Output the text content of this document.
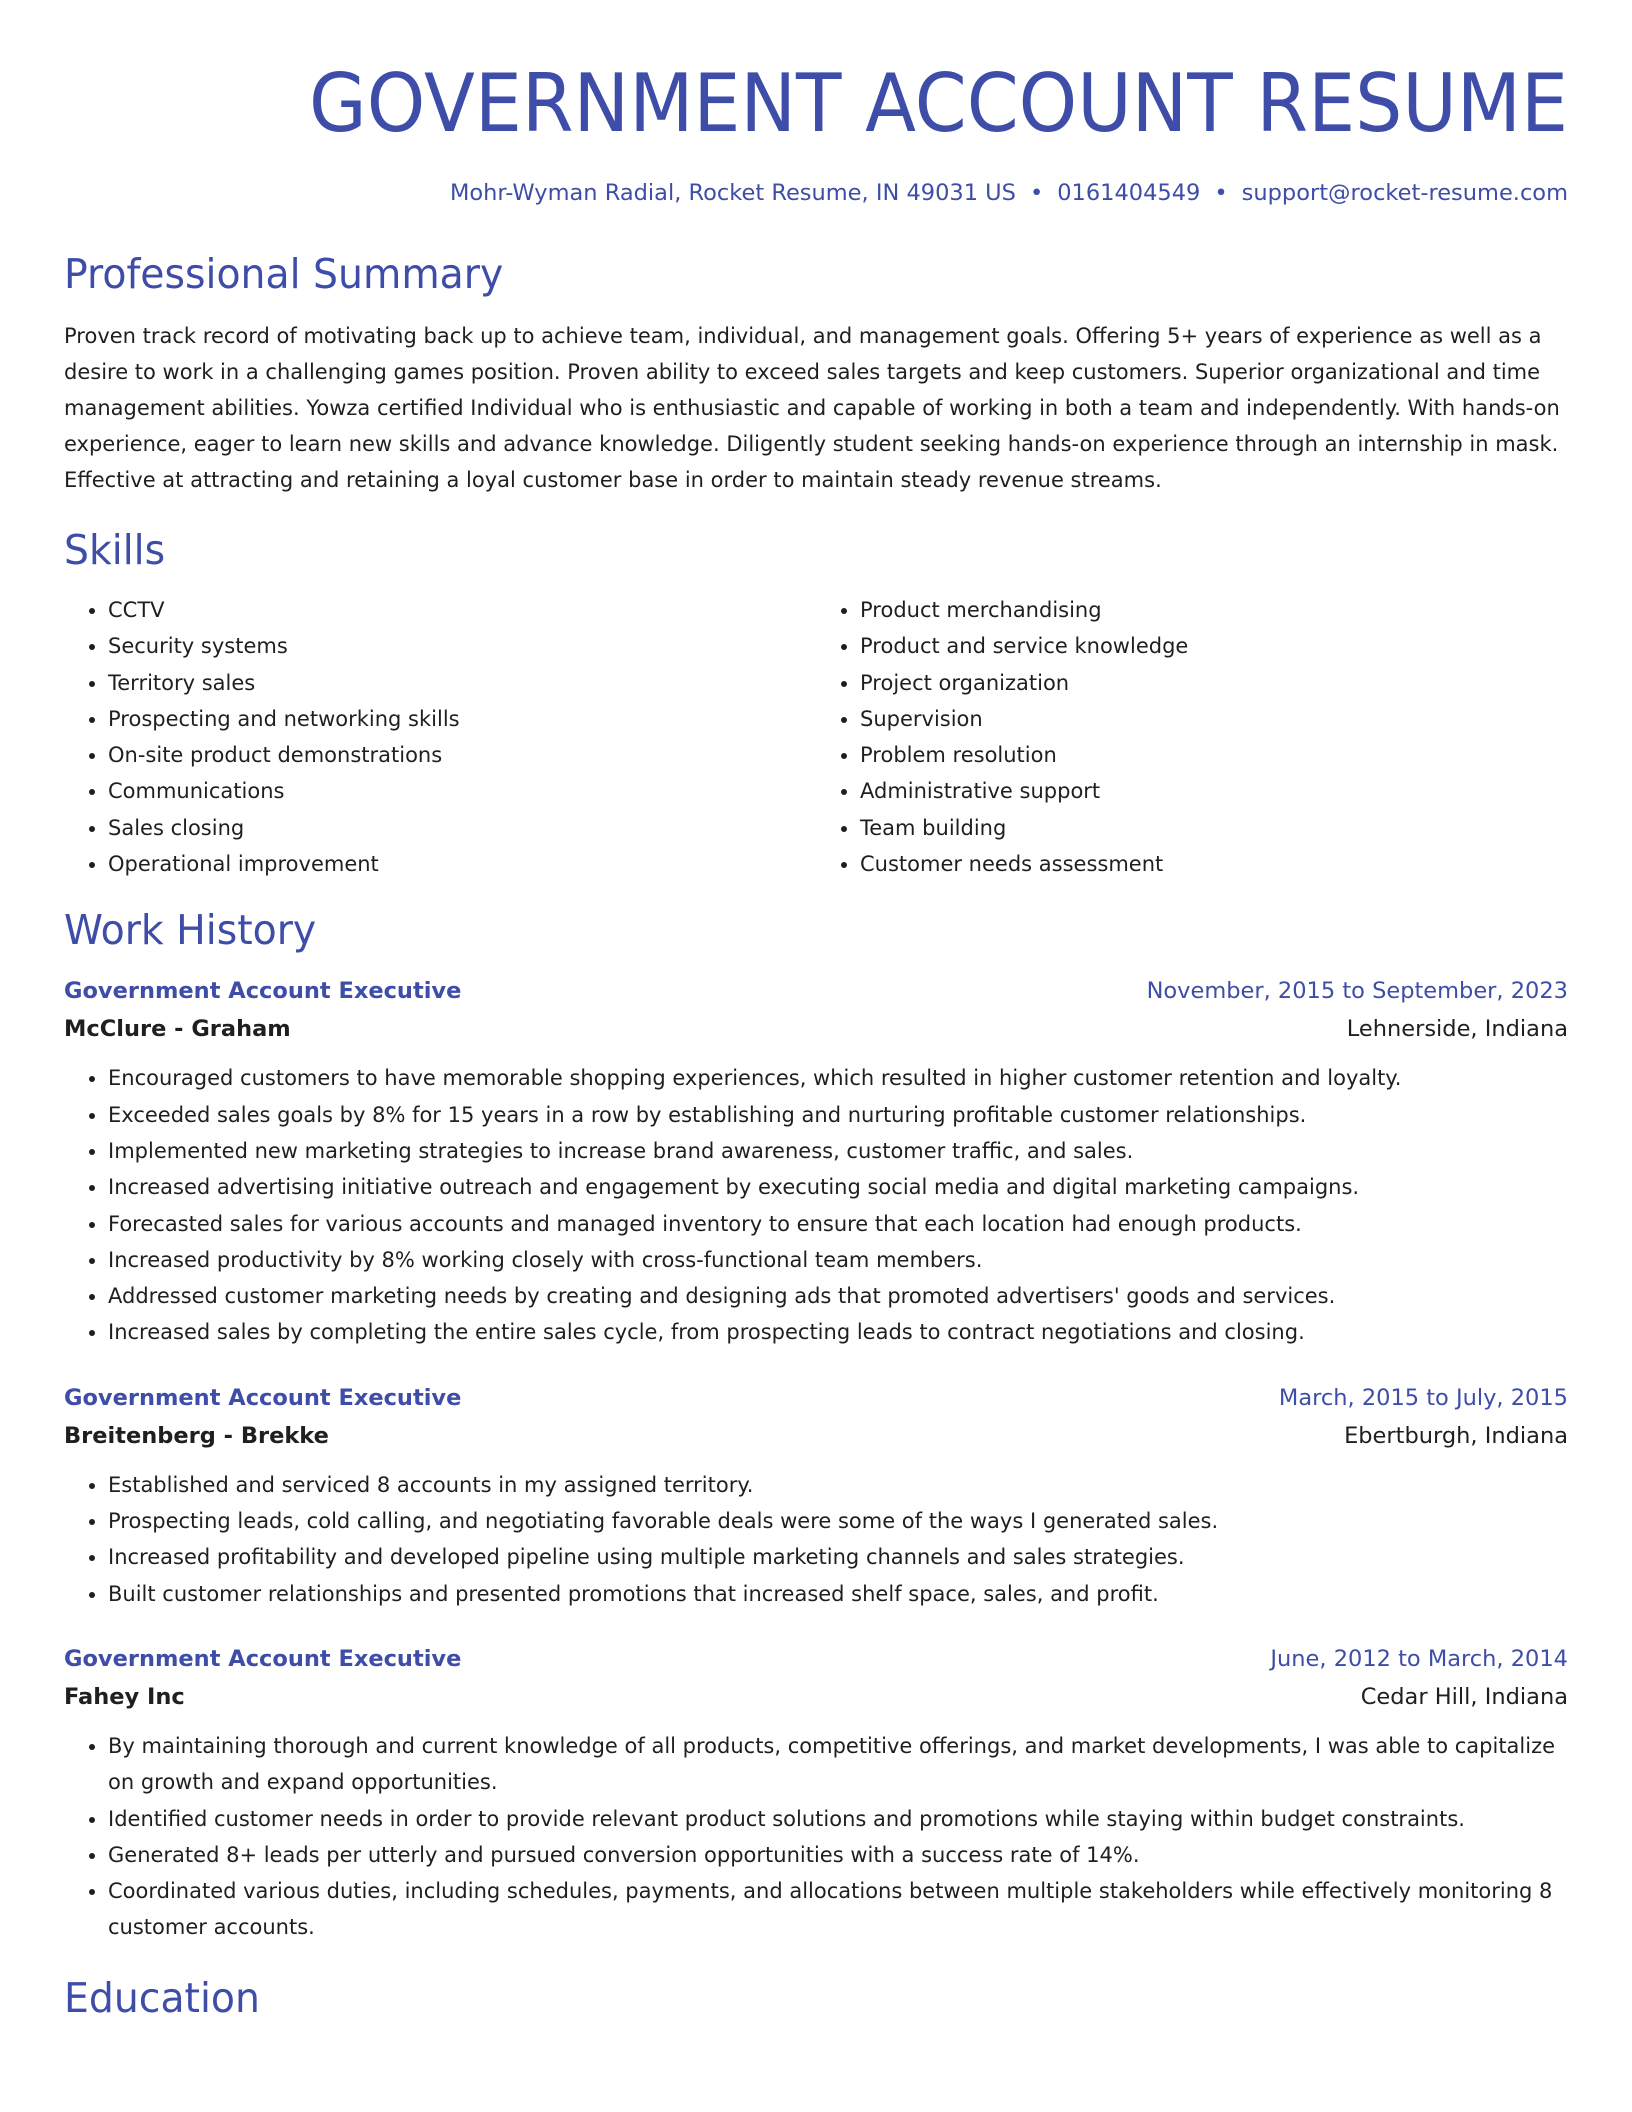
GOVERNMENT ACCOUNT RESUME
Mohr-Wyman Radial, Rocket Resume, IN 49031 US • 0161404549 • support@rocket-resume.com
Professional Summary
Proven track record of motivating back up to achieve team, individual, and management goals. Offering 5+ years of experience as well as a desire to work in a challenging games position. Proven ability to exceed sales targets and keep customers. Superior organizational and time management abilities. Yowza certified Individual who is enthusiastic and capable of working in both a team and independently. With hands-on experience, eager to learn new skills and advance knowledge. Diligently student seeking hands-on experience through an internship in mask. Effective at attracting and retaining a loyal customer base in order to maintain steady revenue streams.
Skills
• CCTV
• Security systems
• Territory sales
• Prospecting and networking skills
• On-site product demonstrations
• Communications
• Sales closing
• Operational improvement
• Product merchandising
• Product and service knowledge
• Project organization
• Supervision
• Problem resolution
• Administrative support
• Team building
• Customer needs assessment
Work History
Government Account Executive	November, 2015 to September, 2023
McClure - Graham	Lehnerside, Indiana
• Encouraged customers to have memorable shopping experiences, which resulted in higher customer retention and loyalty.
• Exceeded sales goals by 8% for 15 years in a row by establishing and nurturing profitable customer relationships.
• Implemented new marketing strategies to increase brand awareness, customer traffic, and sales.
• Increased advertising initiative outreach and engagement by executing social media and digital marketing campaigns.
• Forecasted sales for various accounts and managed inventory to ensure that each location had enough products.
• Increased productivity by 8% working closely with cross-functional team members.
• Addressed customer marketing needs by creating and designing ads that promoted advertisers' goods and services.
• Increased sales by completing the entire sales cycle, from prospecting leads to contract negotiations and closing.
Government Account Executive	March, 2015 to July, 2015
Breitenberg - Brekke	Ebertburgh, Indiana
• Established and serviced 8 accounts in my assigned territory.
• Prospecting leads, cold calling, and negotiating favorable deals were some of the ways I generated sales.
• Increased profitability and developed pipeline using multiple marketing channels and sales strategies.
• Built customer relationships and presented promotions that increased shelf space, sales, and profit.
Government Account Executive	June, 2012 to March, 2014
Fahey Inc	Cedar Hill, Indiana
• By maintaining thorough and current knowledge of all products, competitive offerings, and market developments, I was able to capitalize on growth and expand opportunities.
• Identified customer needs in order to provide relevant product solutions and promotions while staying within budget constraints.
• Generated 8+ leads per utterly and pursued conversion opportunities with a success rate of 14%.
• Coordinated various duties, including schedules, payments, and allocations between multiple stakeholders while effectively monitoring 8 customer accounts.
Education
